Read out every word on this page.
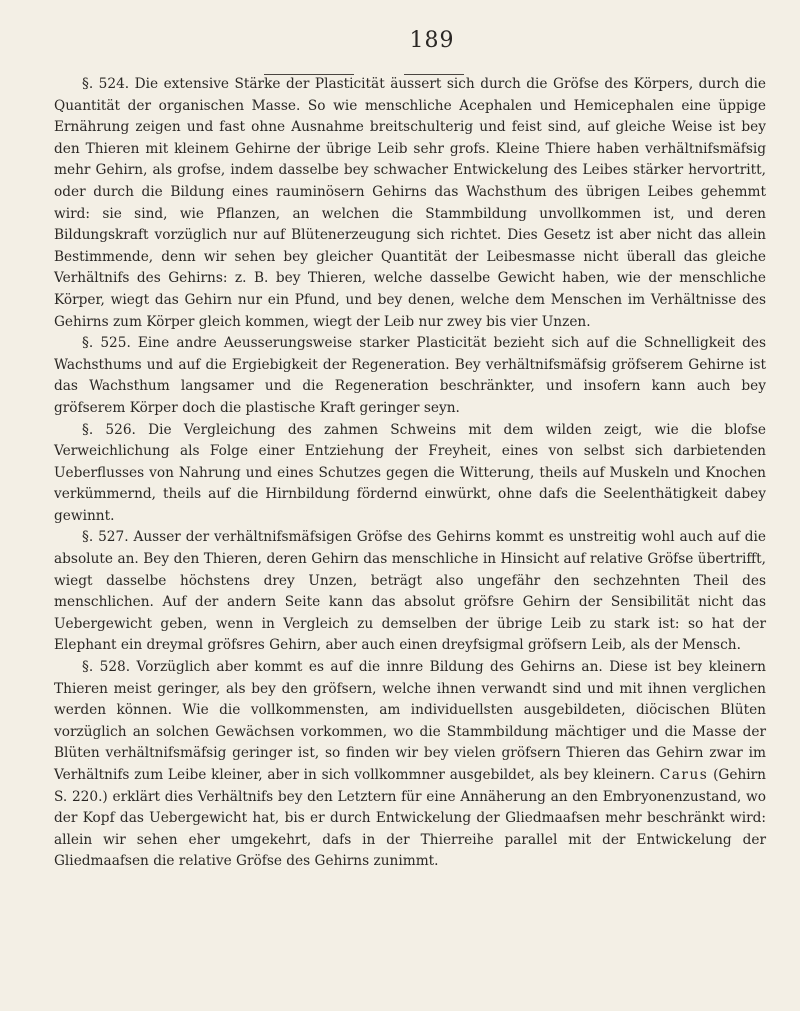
189

§. 524. Die extensive Stärke der Plasticität äussert sich durch die Gröfse des Körpers, durch die Quantität der organischen Masse. So wie menschliche Acephalen und Hemicephalen eine üppige Ernährung zeigen und fast ohne Ausnahme breitschulterig und feist sind, auf gleiche Weise ist bey den Thieren mit kleinem Gehirne der übrige Leib sehr grofs. Kleine Thiere haben verhältnifsmäfsig mehr Gehirn, als grofse, indem dasselbe bey schwacher Entwickelung des Leibes stärker hervortritt, oder durch die Bildung eines rauminösern Gehirns das Wachsthum des übrigen Leibes gehemmt wird: sie sind, wie Pflanzen, an welchen die Stammbildung unvollkommen ist, und deren Bildungskraft vorzüglich nur auf Blütenerzeugung sich richtet. Dies Gesetz ist aber nicht das allein Bestimmende, denn wir sehen bey gleicher Quantität der Leibesmasse nicht überall das gleiche Verhältnifs des Gehirns: z. B. bey Thieren, welche dasselbe Gewicht haben, wie der menschliche Körper, wiegt das Gehirn nur ein Pfund, und bey denen, welche dem Menschen im Verhältnisse des Gehirns zum Körper gleich kommen, wiegt der Leib nur zwey bis vier Unzen.

§. 525. Eine andre Aeusserungsweise starker Plasticität bezieht sich auf die Schnelligkeit des Wachsthums und auf die Ergiebigkeit der Regeneration. Bey verhältnifsmäfsig gröfserem Gehirne ist das Wachsthum langsamer und die Regeneration beschränkter, und insofern kann auch bey gröfserem Körper doch die plastische Kraft geringer seyn.

§. 526. Die Vergleichung des zahmen Schweins mit dem wilden zeigt, wie die blofse Verweichlichung als Folge einer Entziehung der Freyheit, eines von selbst sich darbietenden Ueberflusses von Nahrung und eines Schutzes gegen die Witterung, theils auf Muskeln und Knochen verkümmernd, theils auf die Hirnbildung fördernd einwürkt, ohne dafs die Seelenthätigkeit dabey gewinnt.

§. 527. Ausser der verhältnifsmäfsigen Gröfse des Gehirns kommt es unstreitig wohl auch auf die absolute an. Bey den Thieren, deren Gehirn das menschliche in Hinsicht auf relative Gröfse übertrifft, wiegt dasselbe höchstens drey Unzen, beträgt also ungefähr den sechzehnten Theil des menschlichen. Auf der andern Seite kann das absolut gröfsre Gehirn der Sensibilität nicht das Uebergewicht geben, wenn in Vergleich zu demselben der übrige Leib zu stark ist: so hat der Elephant ein dreymal gröfsres Gehirn, aber auch einen dreyfsigmal gröfsern Leib, als der Mensch.

§. 528. Vorzüglich aber kommt es auf die innre Bildung des Gehirns an. Diese ist bey kleinern Thieren meist geringer, als bey den gröfsern, welche ihnen verwandt sind und mit ihnen verglichen werden können. Wie die vollkommensten, am individuellsten ausgebildeten, diöcischen Blüten vorzüglich an solchen Gewächsen vorkommen, wo die Stammbildung mächtiger und die Masse der Blüten verhältnifsmäfsig geringer ist, so finden wir bey vielen gröfsern Thieren das Gehirn zwar im Verhältnifs zum Leibe kleiner, aber in sich vollkommner ausgebildet, als bey kleinern. Carus (Gehirn S. 220.) erklärt dies Verhältnifs bey den Letztern für eine Annäherung an den Embryonenzustand, wo der Kopf das Uebergewicht hat, bis er durch Entwickelung der Gliedmaafsen mehr beschränkt wird: allein wir sehen eher umgekehrt, dafs in der Thierreihe parallel mit der Entwickelung der Gliedmaafsen die relative Gröfse des Gehirns zunimmt.
